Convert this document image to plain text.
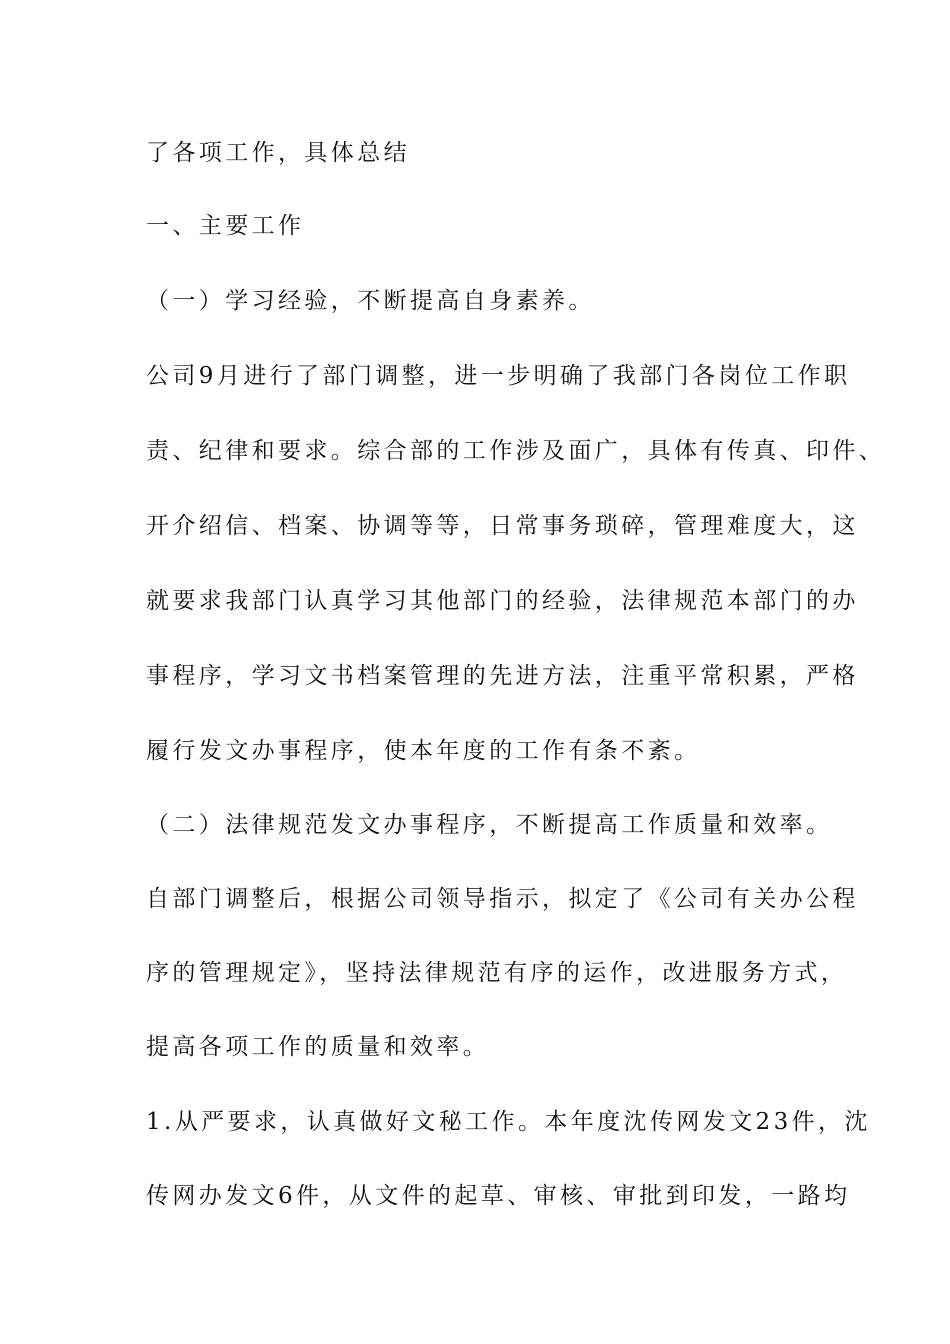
了各项工作，具体总结
一、主要工作
（一）学习经验，不断提高自身素养。
公司9月进行了部门调整，进一步明确了我部门各岗位工作职
责、纪律和要求。综合部的工作涉及面广，具体有传真、印件、
开介绍信、档案、协调等等，日常事务琐碎，管理难度大，这
就要求我部门认真学习其他部门的经验，法律规范本部门的办
事程序，学习文书档案管理的先进方法，注重平常积累，严格
履行发文办事程序，使本年度的工作有条不紊。
（二）法律规范发文办事程序，不断提高工作质量和效率。
自部门调整后，根据公司领导指示，拟定了《公司有关办公程
序的管理规定》，坚持法律规范有序的运作，改进服务方式，
提高各项工作的质量和效率。
1.从严要求，认真做好文秘工作。本年度沈传网发文23件，沈
传网办发文6件，从文件的起草、审核、审批到印发，一路均
